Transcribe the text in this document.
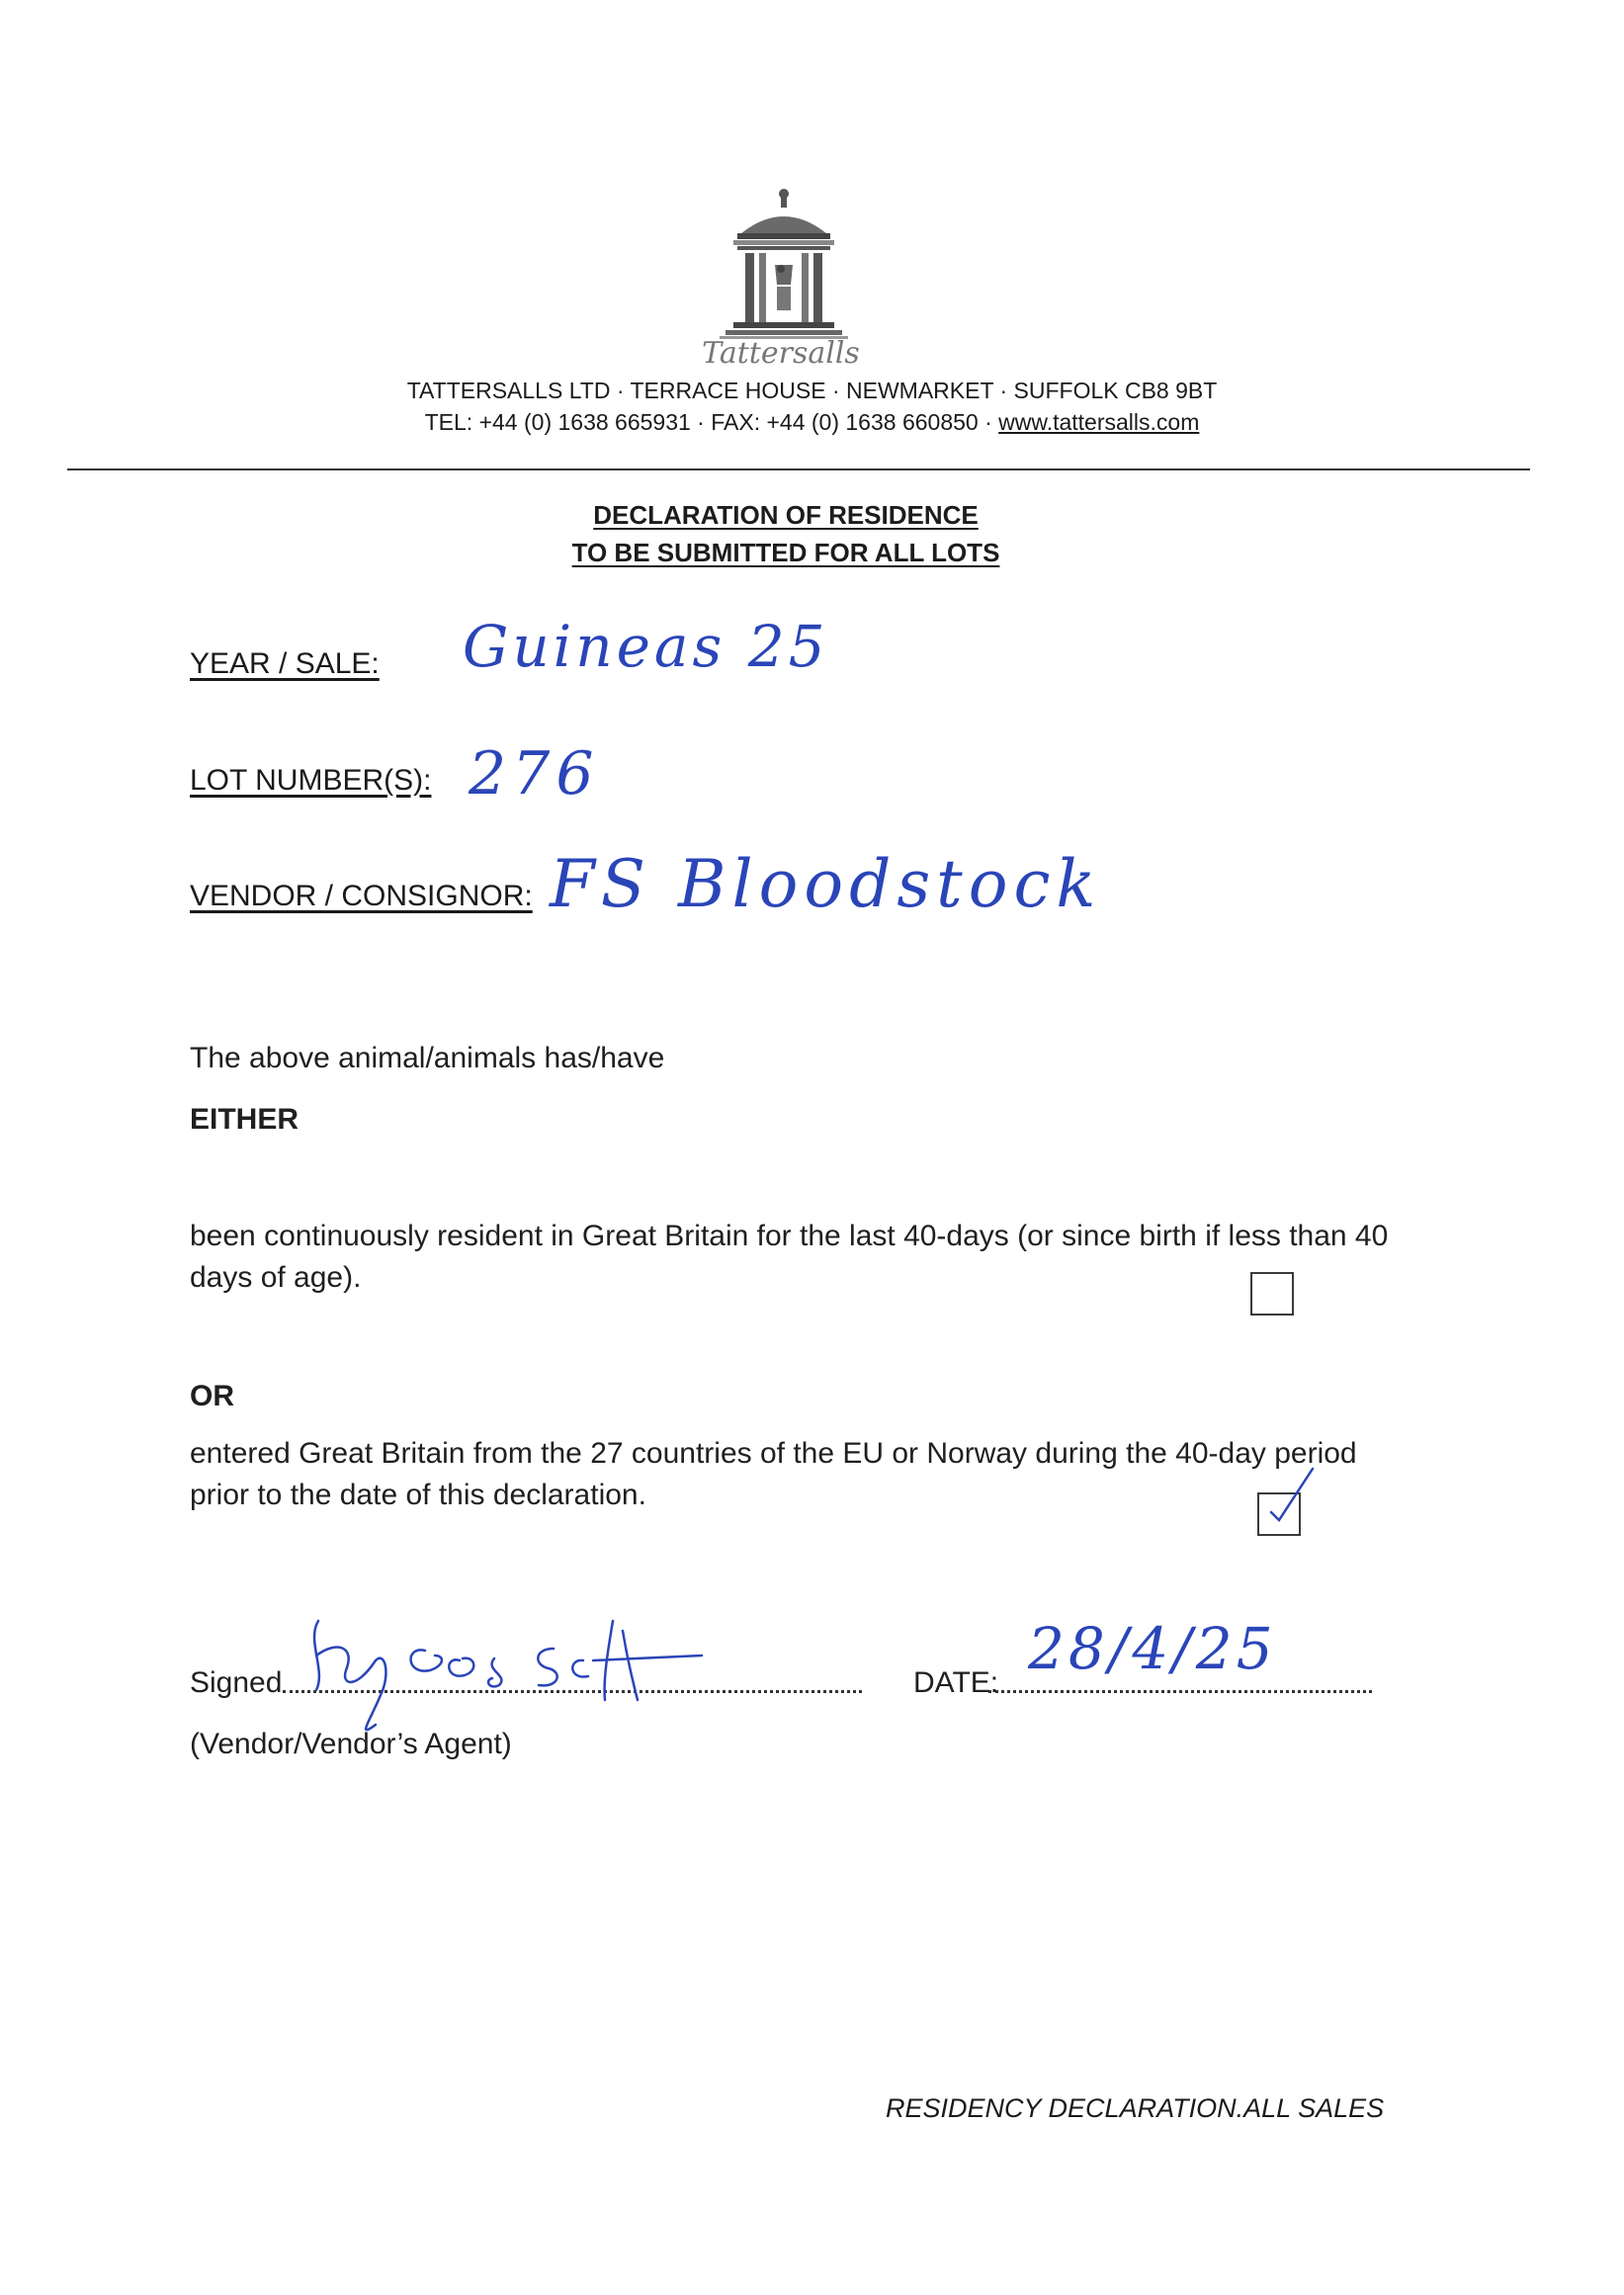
Tattersalls
TATTERSALLS LTD · TERRACE HOUSE · NEWMARKET · SUFFOLK CB8 9BT
TEL: +44 (0) 1638 665931 · FAX: +44 (0) 1638 660850 · www.tattersalls.com
DECLARATION OF RESIDENCE
TO BE SUBMITTED FOR ALL LOTS
YEAR / SALE: Guineas 25
LOT NUMBER(S): 276
VENDOR / CONSIGNOR: FS Bloodstock
The above animal/animals has/have
EITHER
been continuously resident in Great Britain for the last 40-days (or since birth if less than 40 days of age).
OR
entered Great Britain from the 27 countries of the EU or Norway during the 40-day period prior to the date of this declaration.
Signed	DATE:
28/4/25
(Vendor/Vendor’s Agent)
RESIDENCY DECLARATION.ALL SALES
